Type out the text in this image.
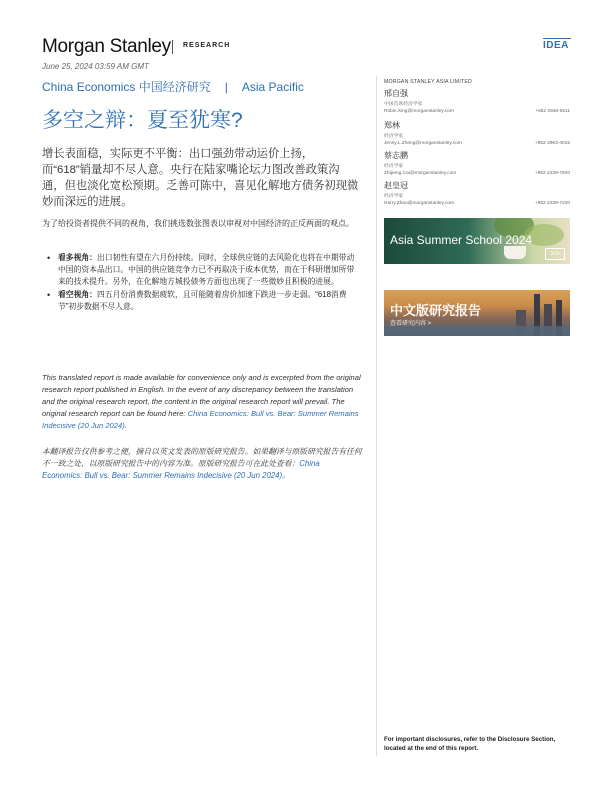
Morgan Stanley RESEARCH	IDEA
June 25, 2024 03:59 AM GMT
China Economics 中国经济研究 | Asia Pacific
多空之辩：夏至犹寒?
增长表面稳，实际更不平衡：出口强劲带动运价上扬，而“618”销量却不尽人意。央行在陆家嘴论坛力图改善政策沟通，但也淡化宽松预期。乏善可陈中，喜见化解地方债务初现微妙而深远的进展。
为了给投资者提供不同的视角，我们挑选数张图表以审视对中国经济的正反两面的观点。
• 看多视角：出口韧性有望在六月份持续。同时，全球供应链的去风险化也将在中期带动中国的资本品出口。中国的供应链竞争力已不再取决于成本优势，而在于科研增加所带来的技术提升。另外，在化解地方城投债务方面也出现了一些微妙且积极的进展。
• 看空视角：四五月份消费数据疲软，且可能随着房价加速下跌进一步走弱。“618消费节”初步数据不尽人意。
This translated report is made available for convenience only and is excerpted from the original research report published in English. In the event of any discrepancy between the translation and the original research report, the content in the original research report will prevail. The original research report can be found here: China Economics: Bull vs. Bear: Summer Remains Indecisive (20 Jun 2024).
本翻译报告仅供参考之便，摘自以英文发表的原版研究报告。如果翻译与原版研究报告有任何不一致之处，以原版研究报告中的内容为准。原版研究报告可在此处查看：China Economics: Bull vs. Bear: Summer Remains Indecisive (20 Jun 2024)。
MORGAN STANLEY ASIA LIMITED
邢自强
中国首席经济学家
Robin.Xing@morganstanley.com	+852 2848-6511
郑林
经济学家
Jenny.L.Zheng@morganstanley.com	+852 3963-4015
蔡志鹏
经济学家
Zhipeng.Cai@morganstanley.com	+852 2239-7820
赵皇冠
经济学家
Harry.Zhao@morganstanley.com	+852 2239-7220
Asia Summer School 2024
>>
中文版研究报告
查看研究内容 >
For important disclosures, refer to the Disclosure Section, located at the end of this report.
